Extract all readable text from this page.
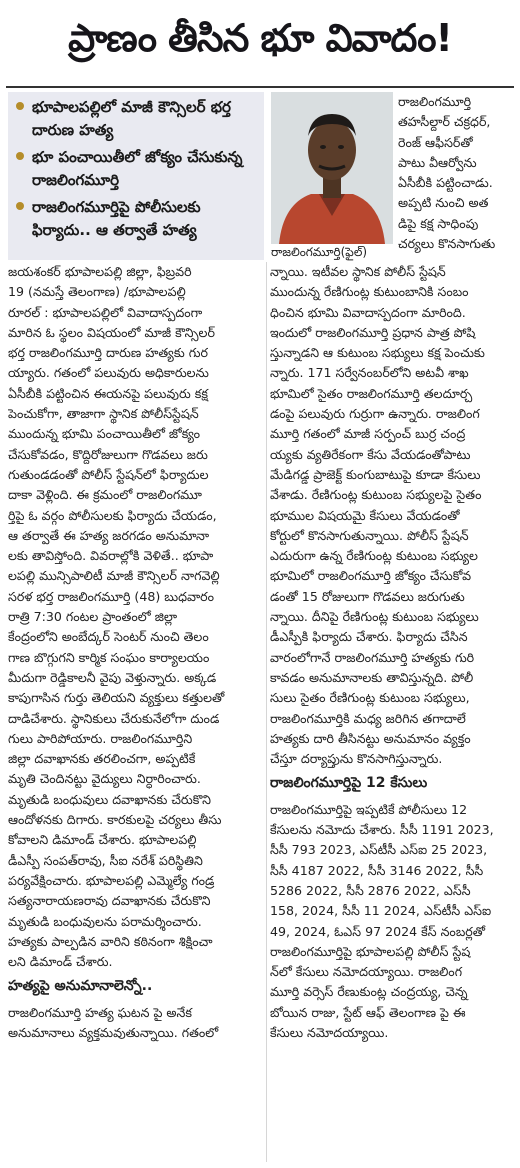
ప్రాణం తీసిన భూ వివాదం!
భూపాలపల్లిలో మాజీ కౌన్సిలర్ భర్త దారుణ హత్య
భూ పంచాయితీలో జోక్యం చేసుకున్న రాజలింగమూర్తి
రాజలింగమూర్తిపై పోలీసులకు ఫిర్యాదు.. ఆ తర్వాతే హత్య
రాజలింగమూర్తి(ఫైల్)
రాజలింగమూర్తి
తహసీల్దార్ చక్రధర్,
రెంజ్ ఆఫీసర్‌తో
పాటు వీఆర్వోను
ఏసీబీకి పట్టించాడు.
అప్పటి నుంచి అత
డిపై కక్ష సాధింపు
చర్యలు కొనసాగుతు
జయశంకర్ భూపాలపల్లి జిల్లా, ఫిబ్రవరి
19 (నమస్తే తెలంగాణ) /భూపాలపల్లి
రూరల్ : భూపాలపల్లిలో వివాదాస్పదంగా
మారిన ఓ స్థలం విషయంలో మాజీ కౌన్సిలర్
భర్త రాజలింగమూర్తి దారుణ హత్యకు గుర
య్యారు. గతంలో పలువురు అధికారులను
ఏసీబీకి పట్టించిన ఈయనపై పలువురు కక్ష
పెంచుకోగా, తాజాగా స్థానిక పోలీస్‌స్టేషన్
ముందున్న భూమి పంచాయితీలో జోక్యం
చేసుకోవడం, కొద్దిరోజులుగా గొడవలు జరు
గుతుండడంతో పోలీస్ స్టేషన్‌లో ఫిర్యాదుల
దాకా వెళ్లింది. ఈ క్రమంలో రాజలింగమూ
ర్తిపై ఓ వర్గం పోలీసులకు ఫిర్యాదు చేయడం,
ఆ తర్వాతే ఈ హత్య జరగడం అనుమానా
లకు తావిస్తోంది. వివరాల్లోకి వెళితే.. భూపా
లపల్లి మున్సిపాలిటీ మాజీ కౌన్సిలర్ నాగవెల్లి
సరళ భర్త రాజలింగమూర్తి (48) బుధవారం
రాత్రి 7:30 గంటల ప్రాంతంలో జిల్లా
కేంద్రంలోని అంబేద్కర్ సెంటర్ నుంచి తెలం
గాణ బొగ్గుగని కార్మిక సంఘం కార్యాలయం
మీదుగా రెడ్డికాలనీ వైపు వెళ్తున్నారు. అక్కడ
కాపుగాసిన గుర్తు తెలియని వ్యక్తులు కత్తులతో
దాడిచేశారు. స్థానికులు చేరుకునేలోగా దుండ
గులు పారిపోయారు. రాజలింగమూర్తిని
జిల్లా దవాఖానకు తరలించగా, అప్పటికే
మృతి చెందినట్టు వైద్యులు నిర్ధారించారు.
మృతుడి బంధువులు దవాఖానకు చేరుకొని
ఆందోళనకు దిగారు. కారకులపై చర్యలు తీసు
కోవాలని డిమాండ్ చేశారు. భూపాలపల్లి
డీఎస్పీ సంపత్‌రావు, సీఐ నరేశ్ పరిస్థితిని
పర్యవేక్షించారు. భూపాలపల్లి ఎమ్మెల్యే గండ్ర
సత్యనారాయణరావు దవాఖానకు చేరుకొని
మృతుడి బంధువులను పరామర్శించారు.
హత్యకు పాల్పడిన వారిని కఠినంగా శిక్షించా
లని డిమాండ్ చేశారు.
హత్యపై అనుమానాలెన్నో..
రాజలింగమూర్తి హత్య ఘటన పై అనేక
అనుమానాలు వ్యక్తమవుతున్నాయి. గతంలో
న్నాయి. ఇటీవల స్థానిక పోలీస్ స్టేషన్
ముందున్న రేణిగుంట్ల కుటుంబానికి సంబం
ధించిన భూమి వివాదాస్పదంగా మారింది.
ఇందులో రాజలింగమూర్తి ప్రధాన పాత్ర పోషి
స్తున్నాడని ఆ కుటుంబ సభ్యులు కక్ష పెంచుకు
న్నారు. 171 సర్వేనంబర్‌లోని అటవీ శాఖ
భూమిలో సైతం రాజలింగమూర్తి తలదూర్చ
డంపై పలువురు గుర్రుగా ఉన్నారు. రాజలింగ
మూర్తి గతంలో మాజీ సర్పంచ్ బుర్ర చంద్ర
య్యకు వ్యతిరేకంగా కేసు వేయడంతోపాటు
మేడిగడ్డ ప్రాజెక్ట్ కుంగుబాటుపై కూడా కేసులు
వేశాడు. రేణిగుంట్ల కుటుంబ సభ్యులపై సైతం
భూముల విషయమై కేసులు వేయడంతో
కోర్టులో కొనసాగుతున్నాయి. పోలీస్ స్టేషన్
ఎదురుగా ఉన్న రేణిగుంట్ల కుటుంబ సభ్యుల
భూమిలో రాజలింగమూర్తి జోక్యం చేసుకోవ
డంతో 15 రోజులుగా గొడవలు జరుగుతు
న్నాయి. దీనిపై రేణిగుంట్ల కుటుంబ సభ్యులు
డీఎస్పీకి ఫిర్యాదు చేశారు. ఫిర్యాదు చేసిన
వారంలోగానే రాజలింగమూర్తి హత్యకు గురి
కావడం అనుమానాలకు తావిస్తున్నది. పోలీ
సులు సైతం రేణిగుంట్ల కుటుంబ సభ్యులు,
రాజలింగమూర్తికి మధ్య జరిగిన తగాదాలే
హత్యకు దారి తీసినట్టు అనుమానం వ్యక్తం
చేస్తూ దర్యాప్తును కొనసాగిస్తున్నారు.
రాజలింగమూర్తిపై 12 కేసులు
రాజలింగమూర్తిపై ఇప్పటికే పోలీసులు 12
కేసులను నమోదు చేశారు. సీసీ 1191 2023,
సీసీ 793 2023, ఎస్‌టీసీ ఎస్‌ఐ 25 2023,
సీసీ 4187 2022, సీసీ 3146 2022, సీసీ
5286 2022, సీసీ 2876 2022, ఎస్‌సీ
158, 2024, సీసీ 11 2024, ఎస్‌టీసీ ఎస్‌ఐ
49, 2024, ఓఎస్ 97 2024 కేస్ నంబర్లతో
రాజలింగమూర్తిపై భూపాలపల్లి పోలీస్ స్టేష
న్‌లో కేసులు నమోదయ్యాయి. రాజలింగ
మూర్తి వర్సెస్ రేణుకుంట్ల చంద్రయ్య, చెన్న
బోయిన రాజు, స్టేట్ ఆఫ్ తెలంగాణ పై ఈ
కేసులు నమోదయ్యాయి.
